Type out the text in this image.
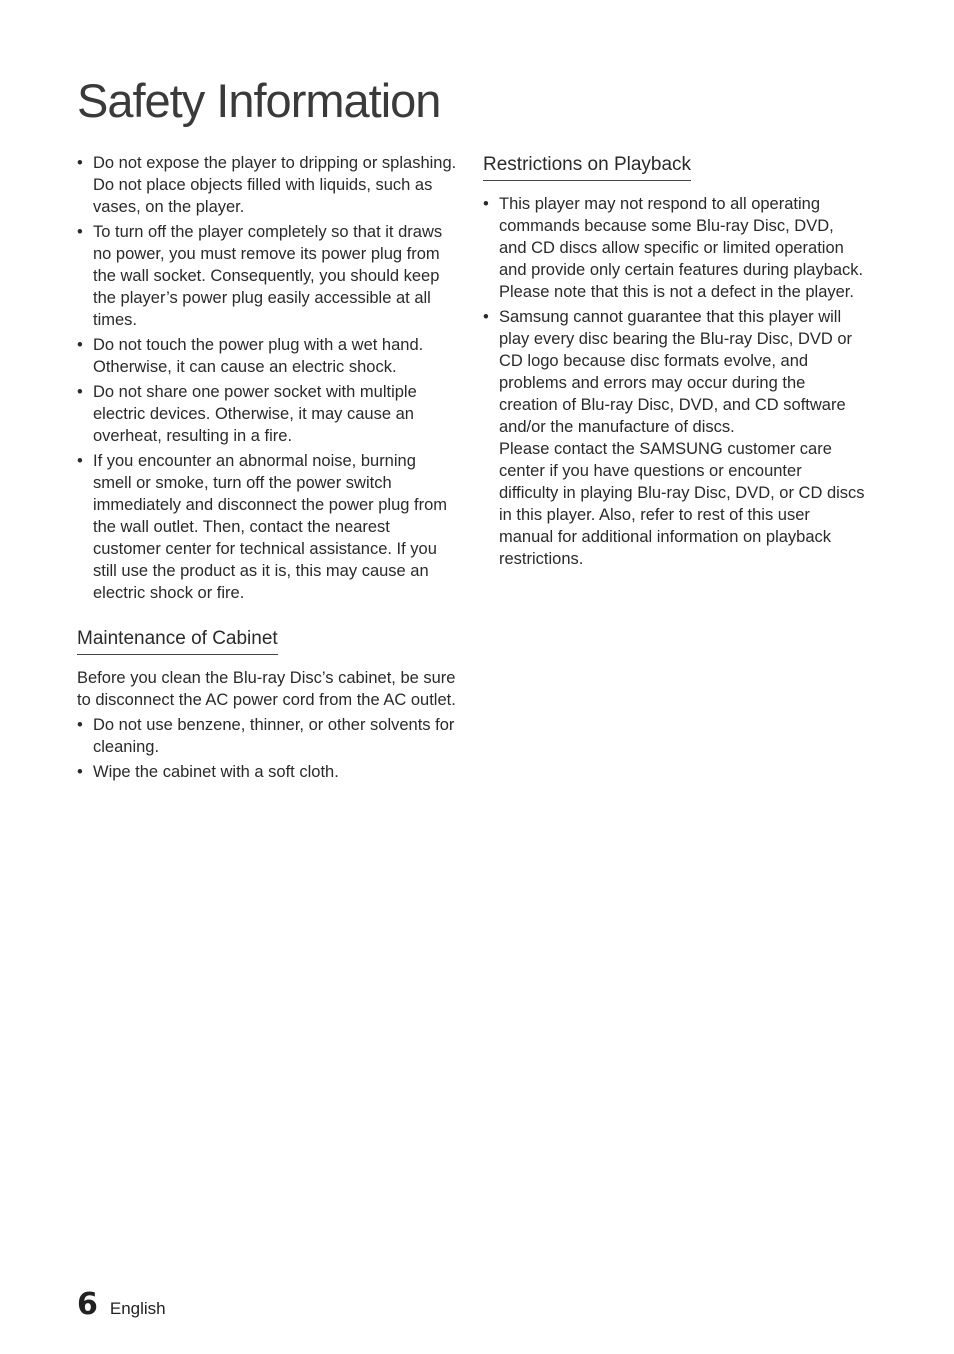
Safety Information
• Do not expose the player to dripping or splashing. Do not place objects filled with liquids, such as vases, on the player.

• To turn off the player completely so that it draws no power, you must remove its power plug from the wall socket. Consequently, you should keep the player’s power plug easily accessible at all times.

• Do not touch the power plug with a wet hand. Otherwise, it can cause an electric shock.

• Do not share one power socket with multiple electric devices. Otherwise, it may cause an overheat, resulting in a fire.

• If you encounter an abnormal noise, burning smell or smoke, turn off the power switch immediately and disconnect the power plug from the wall outlet. Then, contact the nearest customer center for technical assistance. If you still use the product as it is, this may cause an electric shock or fire.

Maintenance of Cabinet

Before you clean the Blu-ray Disc’s cabinet, be sure to disconnect the AC power cord from the AC outlet.

• Do not use benzene, thinner, or other solvents for cleaning.

• Wipe the cabinet with a soft cloth.

Restrictions on Playback
• This player may not respond to all operating commands because some Blu-ray Disc, DVD, and CD discs allow specific or limited operation and provide only certain features during playback.

Please note that this is not a defect in the player.

• Samsung cannot guarantee that this player will play every disc bearing the Blu-ray Disc, DVD or CD logo because disc formats evolve, and problems and errors may occur during the creation of Blu-ray Disc, DVD, and CD software and/or the manufacture of discs.

Please contact the SAMSUNG customer care center if you have questions or encounter difficulty in playing Blu-ray Disc, DVD, or CD discs in this player. Also, refer to rest of this user manual for additional information on playback restrictions.

6 English
